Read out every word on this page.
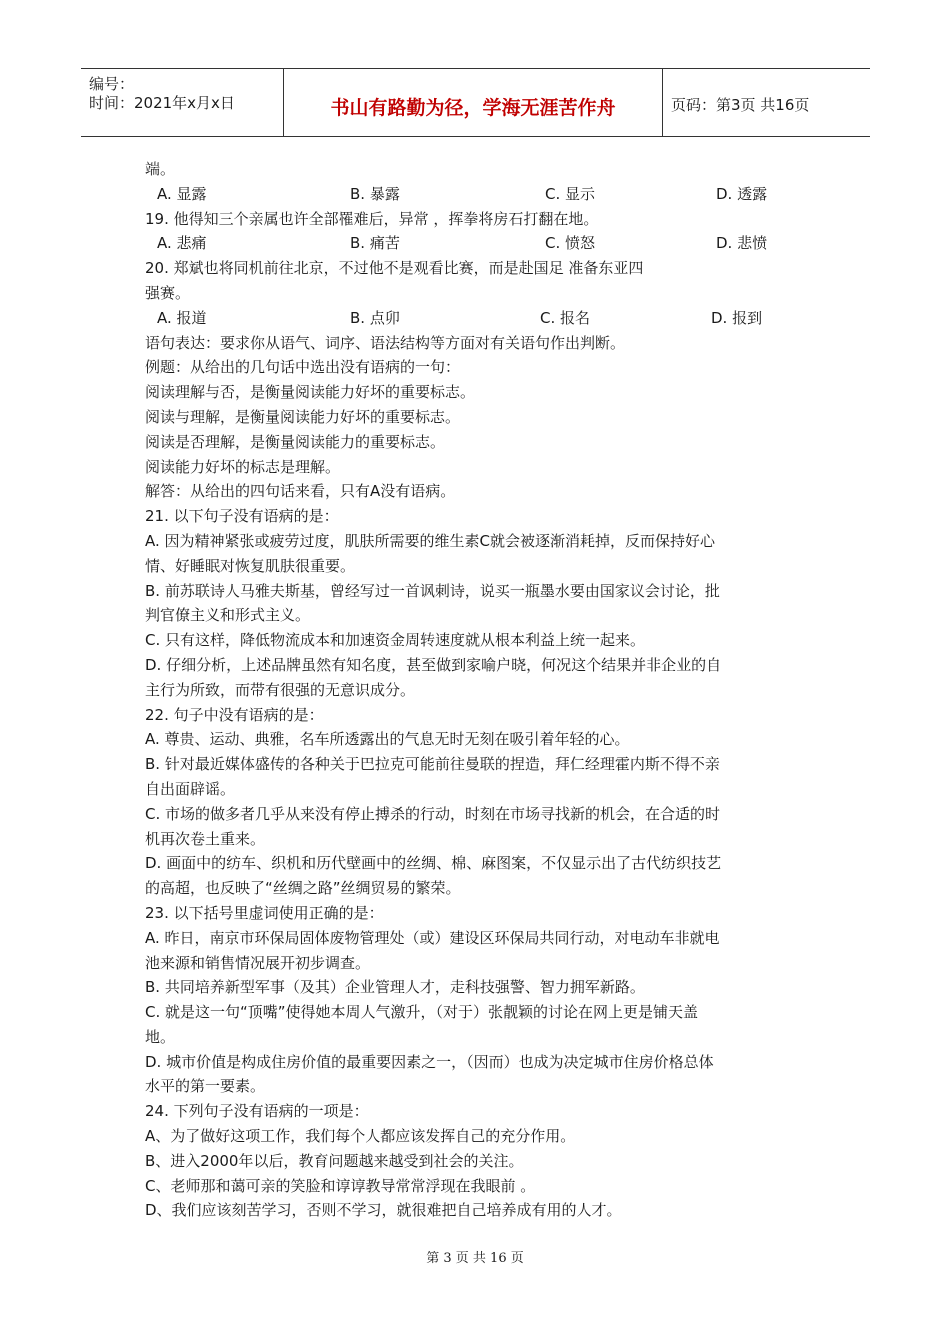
编号：
时间：2021年x月x日	书山有路勤为径，学海无涯苦作舟	页码：第3页 共16页
端。
A. 显露	B. 暴露	C. 显示	D. 透露
19. 他得知三个亲属也许全部罹难后，异常 ，挥拳将房石打翻在地。
A. 悲痛	B. 痛苦	C. 愤怒	D. 悲愤
20. 郑斌也将同机前往北京，不过他不是观看比赛，而是赴国足 准备东亚四
强赛。
A. 报道	B. 点卯	C. 报名	D. 报到
语句表达：要求你从语气、词序、语法结构等方面对有关语句作出判断。
例题：从给出的几句话中选出没有语病的一句：
阅读理解与否，是衡量阅读能力好坏的重要标志。
阅读与理解，是衡量阅读能力好坏的重要标志。
阅读是否理解，是衡量阅读能力的重要标志。
阅读能力好坏的标志是理解。
解答：从给出的四句话来看，只有A没有语病。
21. 以下句子没有语病的是：
A. 因为精神紧张或疲劳过度，肌肤所需要的维生素C就会被逐渐消耗掉，反而保持好心
情、好睡眠对恢复肌肤很重要。
B. 前苏联诗人马雅夫斯基，曾经写过一首讽刺诗，说买一瓶墨水要由国家议会讨论，批
判官僚主义和形式主义。
C. 只有这样，降低物流成本和加速资金周转速度就从根本利益上统一起来。
D. 仔细分析，上述品牌虽然有知名度，甚至做到家喻户晓，何况这个结果并非企业的自
主行为所致，而带有很强的无意识成分。
22. 句子中没有语病的是：
A. 尊贵、运动、典雅，名车所透露出的气息无时无刻在吸引着年轻的心。
B. 针对最近媒体盛传的各种关于巴拉克可能前往曼联的捏造，拜仁经理霍内斯不得不亲
自出面辟谣。
C. 市场的做多者几乎从来没有停止搏杀的行动，时刻在市场寻找新的机会，在合适的时
机再次卷土重来。
D. 画面中的纺车、织机和历代壁画中的丝绸、棉、麻图案，不仅显示出了古代纺织技艺
的高超，也反映了“丝绸之路”丝绸贸易的繁荣。
23. 以下括号里虚词使用正确的是：
A. 昨日，南京市环保局固体废物管理处（或）建设区环保局共同行动，对电动车非就电
池来源和销售情况展开初步调查。
B. 共同培养新型军事（及其）企业管理人才，走科技强警、智力拥军新路。
C. 就是这一句“顶嘴”使得她本周人气激升，（对于）张靓颖的讨论在网上更是铺天盖
地。
D. 城市价值是构成住房价值的最重要因素之一，（因而）也成为决定城市住房价格总体
水平的第一要素。
24. 下列句子没有语病的一项是：
A、为了做好这项工作，我们每个人都应该发挥自己的充分作用。
B、进入2000年以后，教育问题越来越受到社会的关注。
C、老师那和蔼可亲的笑脸和谆谆教导常常浮现在我眼前 。
D、我们应该刻苦学习，否则不学习，就很难把自己培养成有用的人才。
第 3 页 共 16 页
